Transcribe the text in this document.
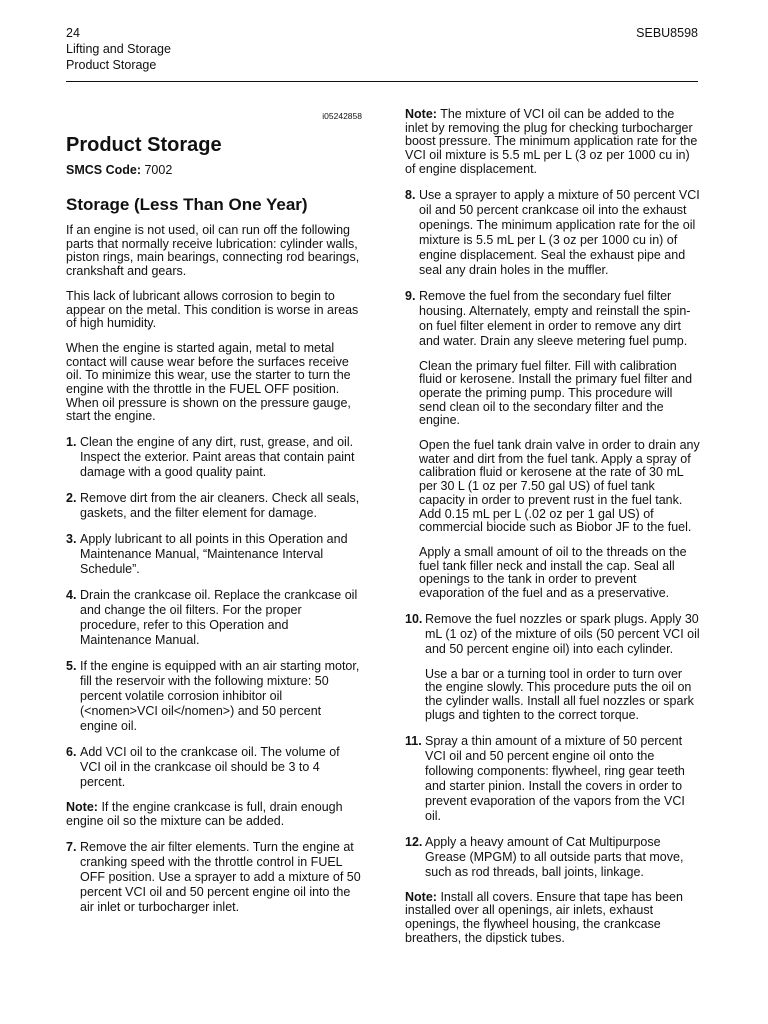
24
Lifting and Storage
Product Storage
SEBU8598
i05242858
Product Storage
SMCS Code: 7002
Storage (Less Than One Year)

If an engine is not used, oil can run off the following parts that normally receive lubrication: cylinder walls, piston rings, main bearings, connecting rod bearings, crankshaft and gears.

This lack of lubricant allows corrosion to begin to appear on the metal. This condition is worse in areas of high humidity.

When the engine is started again, metal to metal contact will cause wear before the surfaces receive oil. To minimize this wear, use the starter to turn the engine with the throttle in the FUEL OFF position. When oil pressure is shown on the pressure gauge, start the engine.

1. Clean the engine of any dirt, rust, grease, and oil. Inspect the exterior. Paint areas that contain paint damage with a good quality paint.
2. Remove dirt from the air cleaners. Check all seals, gaskets, and the filter element for damage.
3. Apply lubricant to all points in this Operation and Maintenance Manual, “Maintenance Interval Schedule”.
4. Drain the crankcase oil. Replace the crankcase oil and change the oil filters. For the proper procedure, refer to this Operation and Maintenance Manual.
5. If the engine is equipped with an air starting motor, fill the reservoir with the following mixture: 50 percent volatile corrosion inhibitor oil (<nomen>VCI oil</nomen>) and 50 percent engine oil.
6. Add VCI oil to the crankcase oil. The volume of VCI oil in the crankcase oil should be 3 to 4 percent.

Note: If the engine crankcase is full, drain enough engine oil so the mixture can be added.

7. Remove the air filter elements. Turn the engine at cranking speed with the throttle control in FUEL OFF position. Use a sprayer to add a mixture of 50 percent VCI oil and 50 percent engine oil into the air inlet or turbocharger inlet.

Note: The mixture of VCI oil can be added to the inlet by removing the plug for checking turbocharger boost pressure. The minimum application rate for the VCI oil mixture is 5.5 mL per L (3 oz per 1000 cu in) of engine displacement.

8. Use a sprayer to apply a mixture of 50 percent VCI oil and 50 percent crankcase oil into the exhaust openings. The minimum application rate for the oil mixture is 5.5 mL per L (3 oz per 1000 cu in) of engine displacement. Seal the exhaust pipe and seal any drain holes in the muffler.
9. Remove the fuel from the secondary fuel filter housing. Alternately, empty and reinstall the spin-on fuel filter element in order to remove any dirt and water. Drain any sleeve metering fuel pump.

Clean the primary fuel filter. Fill with calibration fluid or kerosene. Install the primary fuel filter and operate the priming pump. This procedure will send clean oil to the secondary filter and the engine.

Open the fuel tank drain valve in order to drain any water and dirt from the fuel tank. Apply a spray of calibration fluid or kerosene at the rate of 30 mL per 30 L (1 oz per 7.50 gal US) of fuel tank capacity in order to prevent rust in the fuel tank. Add 0.15 mL per L (.02 oz per 1 gal US) of commercial biocide such as Biobor JF to the fuel.

Apply a small amount of oil to the threads on the fuel tank filler neck and install the cap. Seal all openings to the tank in order to prevent evaporation of the fuel and as a preservative.

10. Remove the fuel nozzles or spark plugs. Apply 30 mL (1 oz) of the mixture of oils (50 percent VCI oil and 50 percent engine oil) into each cylinder.

Use a bar or a turning tool in order to turn over the engine slowly. This procedure puts the oil on the cylinder walls. Install all fuel nozzles or spark plugs and tighten to the correct torque.

11. Spray a thin amount of a mixture of 50 percent VCI oil and 50 percent engine oil onto the following components: flywheel, ring gear teeth and starter pinion. Install the covers in order to prevent evaporation of the vapors from the VCI oil.
12. Apply a heavy amount of Cat Multipurpose Grease (MPGM) to all outside parts that move, such as rod threads, ball joints, linkage.

Note: Install all covers. Ensure that tape has been installed over all openings, air inlets, exhaust openings, the flywheel housing, the crankcase breathers, the dipstick tubes.
